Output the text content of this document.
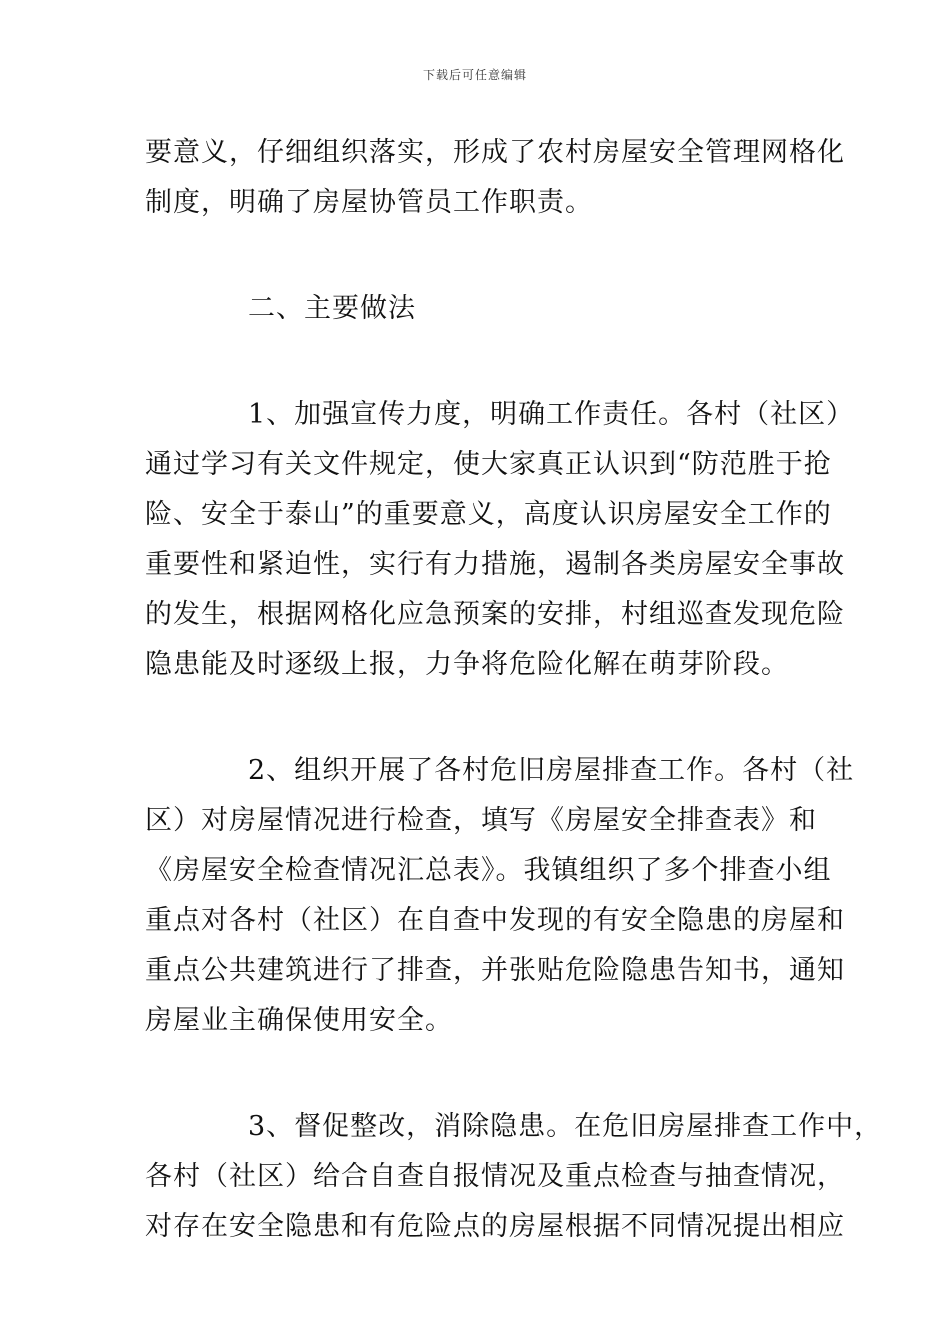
下载后可任意编辑
要意义，仔细组织落实，形成了农村房屋安全管理网格化
制度，明确了房屋协管员工作职责。
二、主要做法
1、加强宣传力度，明确工作责任。各村（社区）
通过学习有关文件规定，使大家真正认识到“防范胜于抢
险、安全于泰山”的重要意义，高度认识房屋安全工作的
重要性和紧迫性，实行有力措施，遏制各类房屋安全事故
的发生，根据网格化应急预案的安排，村组巡查发现危险
隐患能及时逐级上报，力争将危险化解在萌芽阶段。
2、组织开展了各村危旧房屋排查工作。各村（社
区）对房屋情况进行检查，填写《房屋安全排查表》和
《房屋安全检查情况汇总表》。我镇组织了多个排查小组
重点对各村（社区）在自查中发现的有安全隐患的房屋和
重点公共建筑进行了排查，并张贴危险隐患告知书，通知
房屋业主确保使用安全。
3、督促整改，消除隐患。在危旧房屋排查工作中，
各村（社区）给合自查自报情况及重点检查与抽查情况，
对存在安全隐患和有危险点的房屋根据不同情况提出相应
